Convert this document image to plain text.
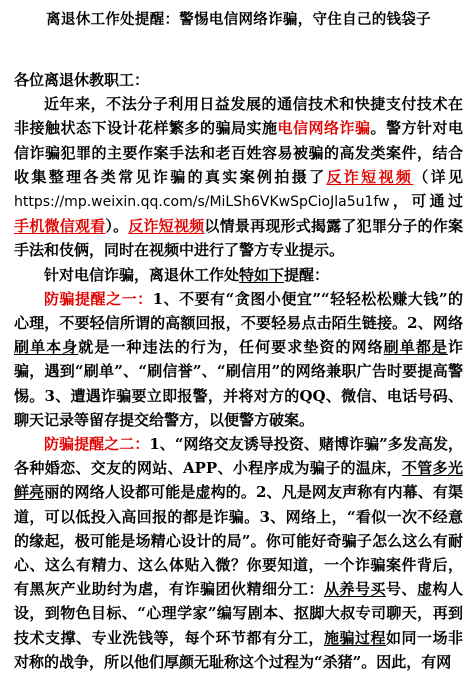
离退休工作处提醒：警惕电信网络诈骗，守住自己的钱袋子

各位离退休教职工：

近年来，不法分子利用日益发展的通信技术和快捷支付技术在非接触状态下设计花样繁多的骗局实施电信网络诈骗。警方针对电信诈骗犯罪的主要作案手法和老百姓容易被骗的高发类案件，结合收集整理各类常见诈骗的真实案例拍摄了反诈短视频（详见https://mp.weixin.qq.com/s/MiLSh6VKwSpCioJla5u1fw，可通过手机微信观看）。反诈短视频以情景再现形式揭露了犯罪分子的作案手法和伎俩，同时在视频中进行了警方专业提示。

针对电信诈骗，离退休工作处特如下提醒：

防骗提醒之一：1、不要有“贪图小便宜”“轻轻松松赚大钱”的心理，不要轻信所谓的高额回报，不要轻易点击陌生链接。2、网络刷单本身就是一种违法的行为，任何要求垫资的网络刷单都是诈骗，遇到“刷单”、“刷信誉”、“刷信用”的网络兼职广告时要提高警惕。3、遭遇诈骗要立即报警，并将对方的QQ、微信、电话号码、聊天记录等留存提交给警方，以便警方破案。

防骗提醒之二：1、“网络交友诱导投资、赌博诈骗”多发高发，各种婚恋、交友的网站、APP、小程序成为骗子的温床，不管多光鲜亮丽的网络人设都可能是虚构的。2、凡是网友声称有内幕、有渠道，可以低投入高回报的都是诈骗。3、网络上，“看似一次不经意的缘起，极可能是场精心设计的局”。你可能好奇骗子怎么这么有耐心、这么有精力、这么体贴入微？你要知道，一个诈骗案件背后，有黑灰产业助纣为虐，有诈骗团伙精细分工：从养号买号、虚构人设，到物色目标、“心理学家”编写剧本、抠脚大叔专司聊天，再到技术支撑、专业洗钱等，每个环节都有分工，施骗过程如同一场非对称的战争，所以他们厚颜无耻称这个过程为“杀猪”。因此，有网
